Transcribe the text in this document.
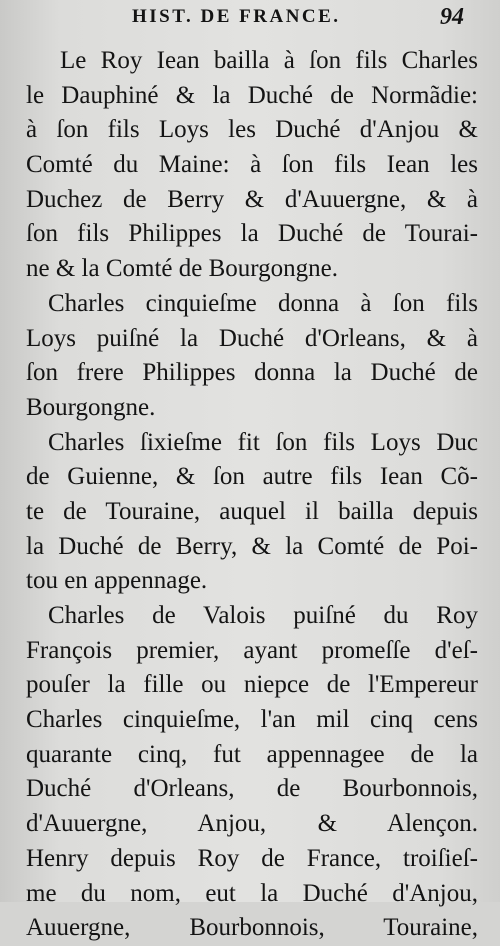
HIST. DE FRANCE.	94
Le Roy Iean bailla à ſon fils Charles
le Dauphiné & la Duché de Normãdie:
à ſon fils Loys les Duché d'Anjou &
Comté du Maine: à ſon fils Iean les
Duchez de Berry & d'Auuergne, & à
ſon fils Philippes la Duché de Tourai-
ne & la Comté de Bourgongne.
Charles cinquieſme donna à ſon fils
Loys puiſné la Duché d'Orleans, & à
ſon frere Philippes donna la Duché de
Bourgongne.
Charles ſixieſme fit ſon fils Loys Duc
de Guienne, & ſon autre fils Iean Cõ-
te de Touraine, auquel il bailla depuis
la Duché de Berry, & la Comté de Poi-
tou en appennage.
Charles de Valois puiſné du Roy
François premier, ayant promeſſe d'eſ-
pouſer la fille ou niepce de l'Empereur
Charles cinquieſme, l'an mil cinq cens
quarante cinq, fut appennagee de la
Duché d'Orleans, de Bourbonnois,
d'Auuergne, Anjou, & Alençon.
Henry depuis Roy de France, troiſieſ-
me du nom, eut la Duché d'Anjou,
Auuergne, Bourbonnois, Touraine,
